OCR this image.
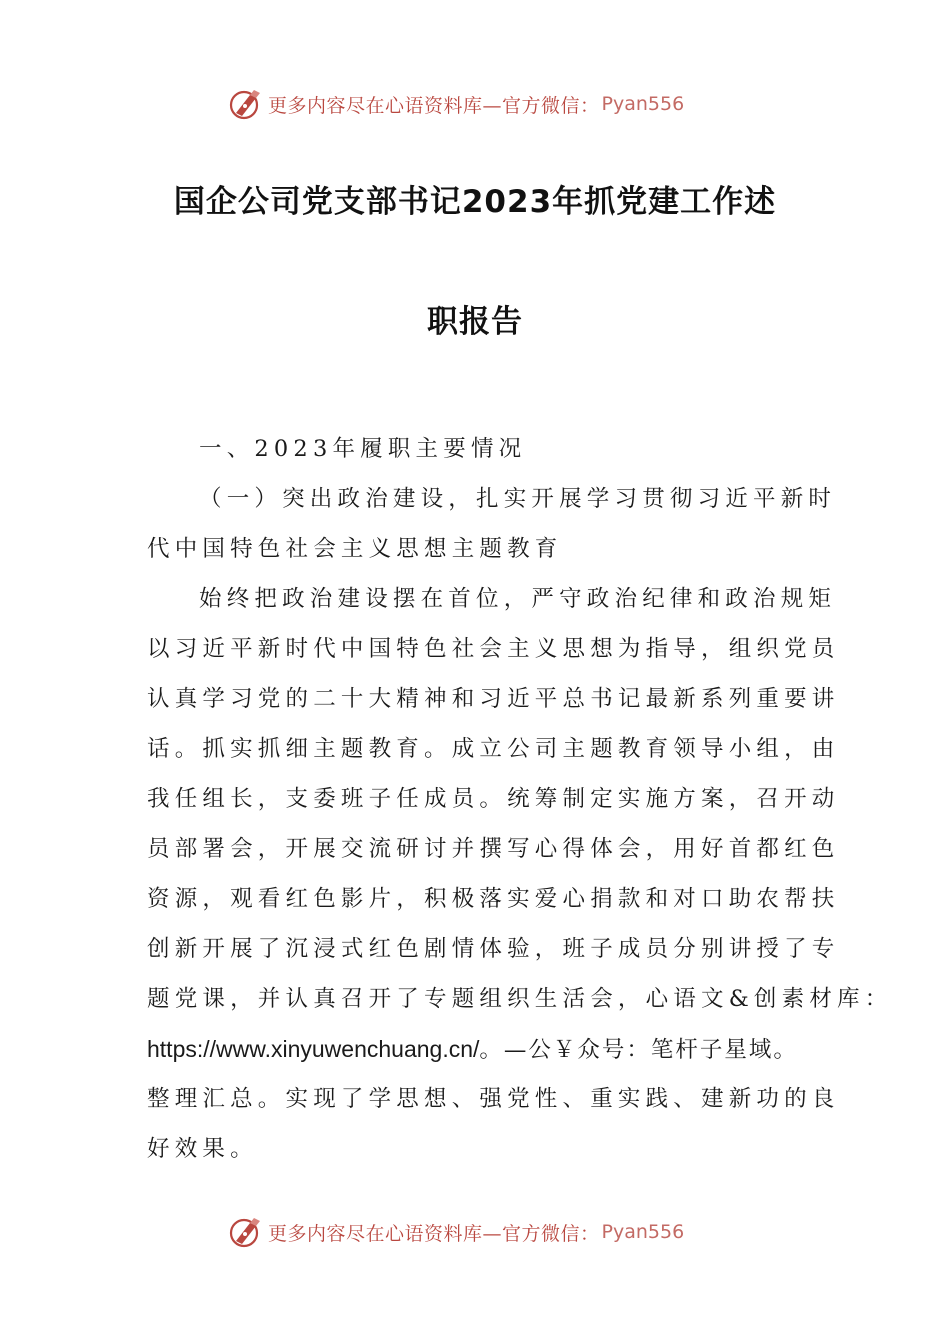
更多内容尽在心语资料库—官方微信： Pyan556
国企公司党支部书记2023年抓党建工作述
职报告
一、2023年履职主要情况
（一）突出政治建设，扎实开展学习贯彻习近平新时
代中国特色社会主义思想主题教育
始终把政治建设摆在首位，严守政治纪律和政治规矩
以习近平新时代中国特色社会主义思想为指导，组织党员
认真学习党的二十大精神和习近平总书记最新系列重要讲
话。抓实抓细主题教育。成立公司主题教育领导小组，由
我任组长，支委班子任成员。统筹制定实施方案，召开动
员部署会，开展交流研讨并撰写心得体会，用好首都红色
资源，观看红色影片，积极落实爱心捐款和对口助农帮扶
创新开展了沉浸式红色剧情体验，班子成员分别讲授了专
题党课，并认真召开了专题组织生活会，心语文&创素材库：
https://www.xinyuwenchuang.cn/。—公￥众号：笔杆子星域。
整理汇总。实现了学思想、强党性、重实践、建新功的良
好效果。
更多内容尽在心语资料库—官方微信： Pyan556
